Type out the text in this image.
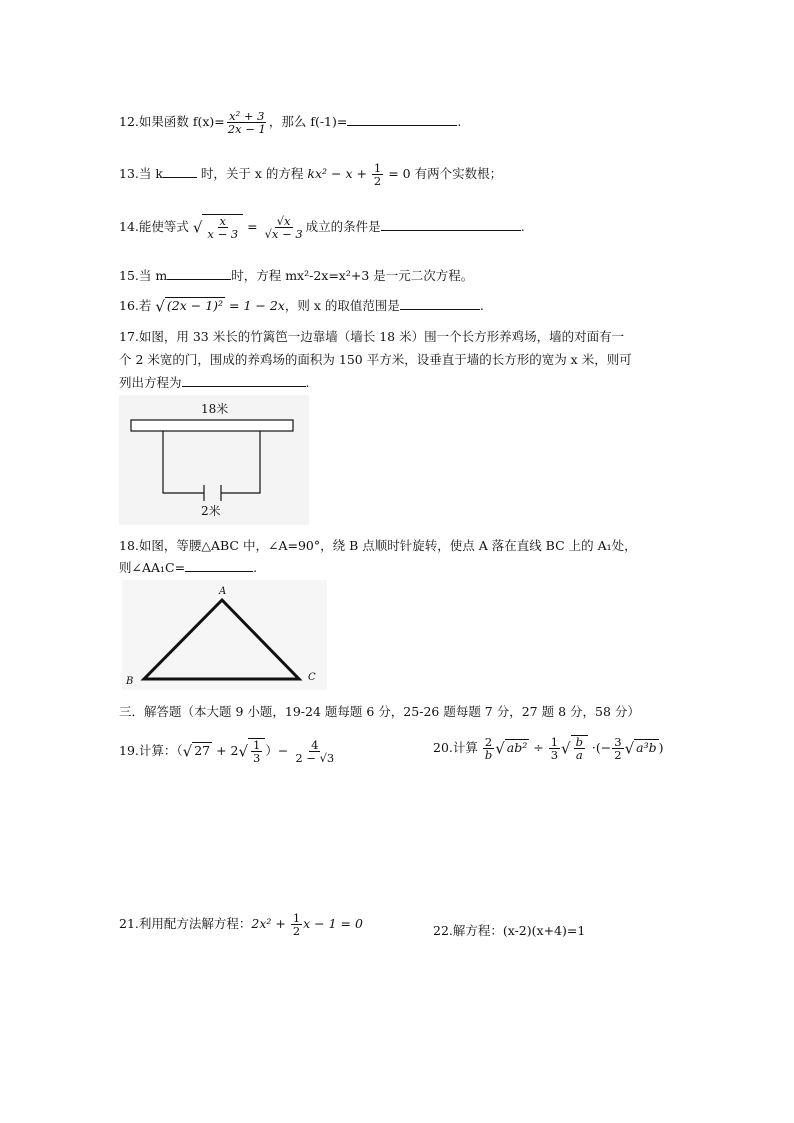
12.如果函数 $f(x)= \frac{\text{x² + 3}}{2x - 1}$ ，那么 f(-1)=	.
13.当 k	时，关于 x 的方程 $kx^2 - x + \frac{1}{2} = 0$ 有两个实数根；
14.能使等式 √ $\frac{x}{x - 3} = \frac{√x}{√x - 3}$ 成立的条件是	.
15.当 m	时，方程 mx²-2x=x²+3 是一元二次方程。
16.若 √ (2x − 1)² = 1 − 2x，则 x 的取值范围是	.
17.如图，用 33 米长的竹篱笆一边靠墙（墙长 18 米）围一个长方形养鸡场，墙的对面有一
个 2 米宽的门，围成的养鸡场的面积为 150 平方米，设垂直于墙的长方形的宽为 x 米，则可
列出方程为	.
18米
2米
18.如图，等腰△ABC 中，∠A=90°，绕 B 点顺时针旋转，使点 A 落在直线 BC 上的 A₁处，
则∠AA₁C=	.
A
B	C
三．解答题（本大题 9 小题，19-24 题每题 6 分，25-26 题每题 7 分，27 题 8 分，58 分）
19.计算：（√ $27 + 2√ \frac{1}{3}$ ）− $\frac{4}{2 - √3}$	20.计算 $\frac{2}{b}$ √ $ab^2 \div \frac{1}{3}$ √ $\frac{b}{a}$ ·(− $\frac{3}{2}$ √ a³b )
21.利用配方法解方程：$2x^2 + \frac{1}{2}$ x − 1 = 0	22.解方程：(x-2)(x+4)=1
